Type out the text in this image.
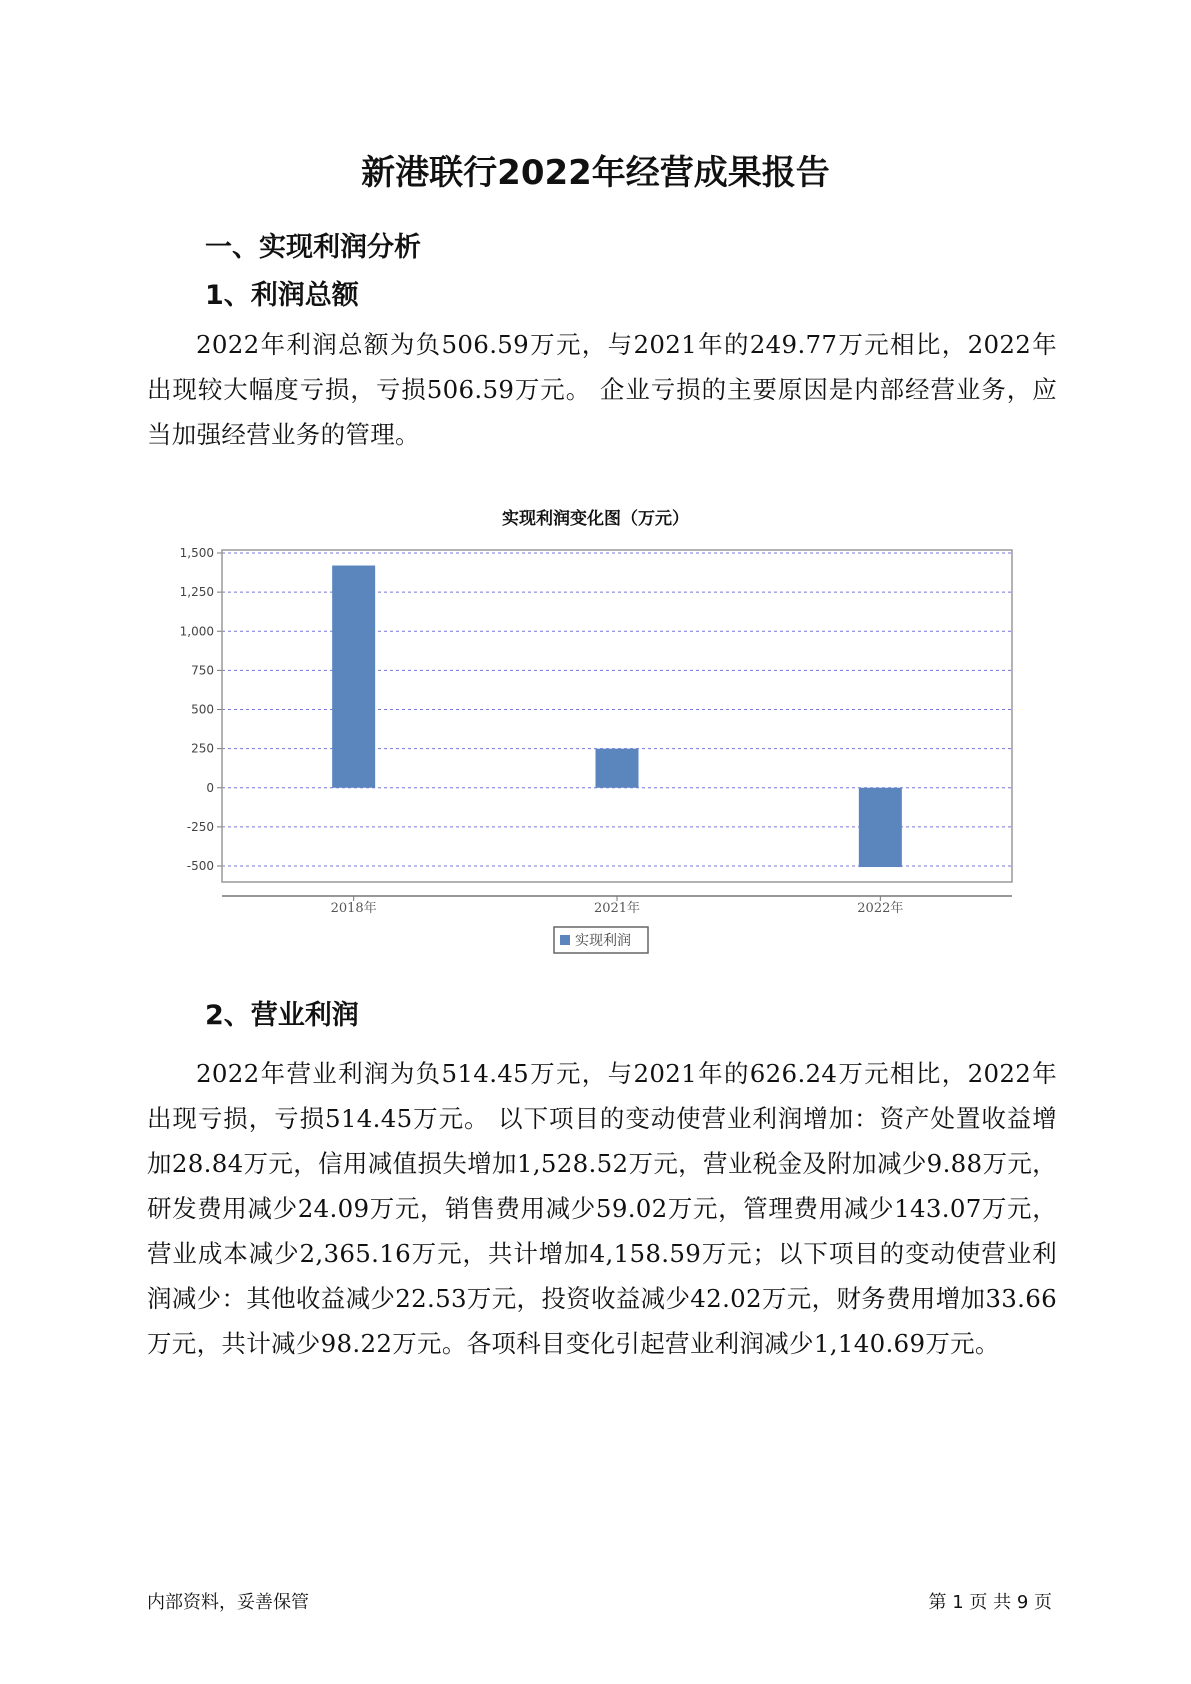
新港联行2022年经营成果报告
一、实现利润分析
1、利润总额

2022年利润总额为负506.59万元，与2021年的249.77万元相比，2022年出现较大幅度亏损，亏损506.59万元。 企业亏损的主要原因是内部经营业务，应当加强经营业务的管理。

实现利润变化图（万元）
1,500
1,250
1,000
750
500
250
0
-250
-500
2018年	2021年	2022年
实现利润
2、营业利润

2022年营业利润为负514.45万元，与2021年的626.24万元相比，2022年出现亏损，亏损514.45万元。 以下项目的变动使营业利润增加：资产处置收益增加28.84万元，信用减值损失增加1,528.52万元，营业税金及附加减少9.88万元，研发费用减少24.09万元，销售费用减少59.02万元，管理费用减少143.07万元，营业成本减少2,365.16万元，共计增加4,158.59万元；以下项目的变动使营业利润减少：其他收益减少22.53万元，投资收益减少42.02万元，财务费用增加33.66万元，共计减少98.22万元。各项科目变化引起营业利润减少1,140.69万元。

内部资料，妥善保管	第 1 页 共 9 页
